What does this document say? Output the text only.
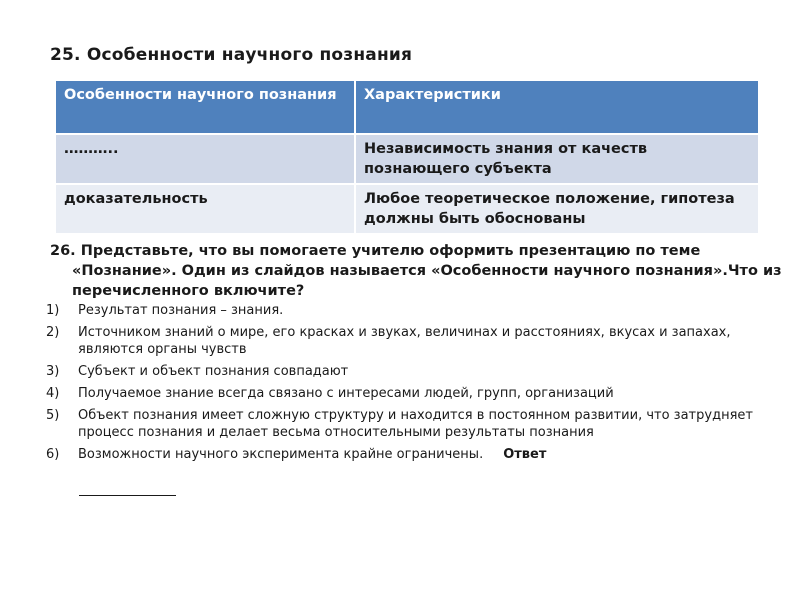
25. Особенности научного познания
Особенности научного познания	Характеристики
………..	Независимость знания от качеств познающего субъекта
доказательность	Любое теоретическое положение, гипотеза должны быть обоснованы
26. Представьте, что вы помогаете учителю оформить презентацию по теме «Познание». Один из слайдов называется «Особенности научного познания».Что из перечисленного включите?
1)	Результат познания – знания.
2)	Источником знаний о мире, его красках и звуках, величинах и расстояниях, вкусах и запахах, являются органы чувств
3)	Субъект и объект познания совпадают
4)	Получаемое знание всегда связано с интересами людей, групп, организаций
5)	Объект познания имеет сложную структуру и находится в постоянном развитии, что затрудняет процесс познания и делает весьма относительными результаты познания
6)	Возможности научного эксперимента крайне ограничены. Ответ
